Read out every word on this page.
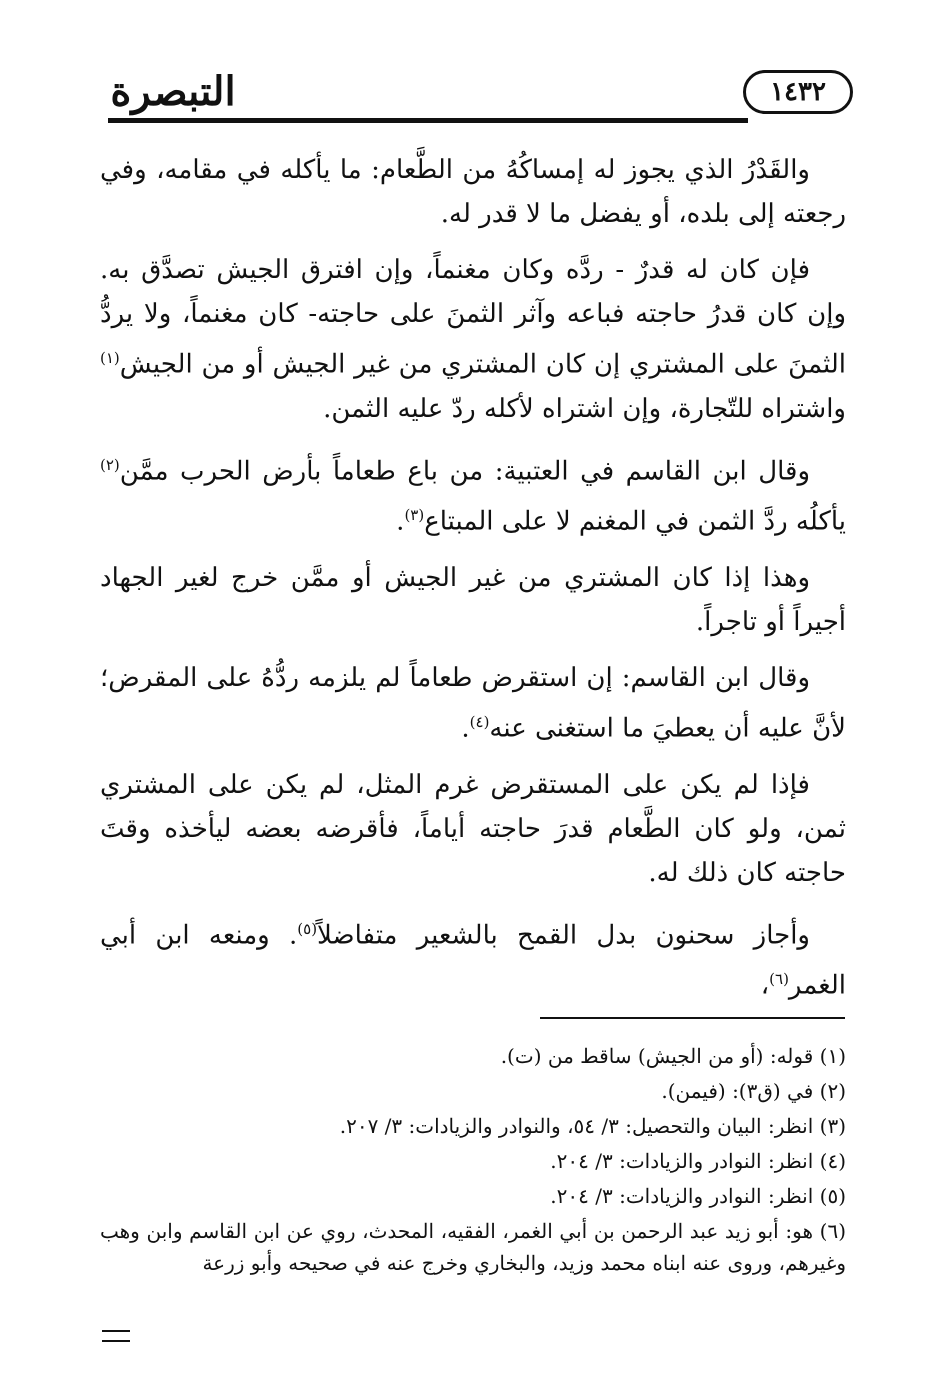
التبصرة	١٤٣٢

والقَدْرُ الذي يجوز له إمساكُهُ من الطَّعام: ما يأكله في مقامه، وفي رجعته إلى بلده، أو يفضل ما لا قدر له.

فإن كان له قدرٌ - ردَّه وكان مغنماً، وإن افترق الجيش تصدَّق به. وإن كان قدرُ حاجته فباعه وآثر الثمنَ على حاجته- كان مغنماً، ولا يردُّ الثمنَ على المشتري إن كان المشتري من غير الجيش أو من الجيش$^{(١)}$ واشتراه للتّجارة، وإن اشتراه لأكله ردّ عليه الثمن.

وقال ابن القاسم في العتبية: من باع طعاماً بأرض الحرب ممَّن$^{(٢)}$ يأكلُه ردَّ الثمن في المغنم لا على المبتاع$^{(٣)}$.

وهذا إذا كان المشتري من غير الجيش أو ممَّن خرج لغير الجهاد أجيراً أو تاجراً.

وقال ابن القاسم: إن استقرض طعاماً لم يلزمه ردُّهُ على المقرض؛ لأنَّ عليه أن يعطيَ ما استغنى عنه$^{(٤)}$.

فإذا لم يكن على المستقرض غرم المثل، لم يكن على المشتري ثمن، ولو كان الطَّعام قدرَ حاجته أياماً، فأقرضه بعضه ليأخذه وقتَ حاجته كان ذلك له.

وأجاز سحنون بدل القمح بالشعير متفاضلاً$^{(٥)}$. ومنعه ابن أبي الغمر$^{(٦)}$،

(١) قوله: (أو من الجيش) ساقط من (ت).

(٢) في (ق٣): (فيمن).

(٣) انظر: البيان والتحصيل: ٣/ ٥٤، والنوادر والزيادات: ٣/ ٢٠٧.

(٤) انظر: النوادر والزيادات: ٣/ ٢٠٤.

(٥) انظر: النوادر والزيادات: ٣/ ٢٠٤.

(٦) هو: أبو زيد عبد الرحمن بن أبي الغمر، الفقيه، المحدث، روي عن ابن القاسم وابن وهب وغيرهم، وروى عنه ابناه محمد وزيد، والبخاري وخرج عنه في صحيحه وأبو زرعة
